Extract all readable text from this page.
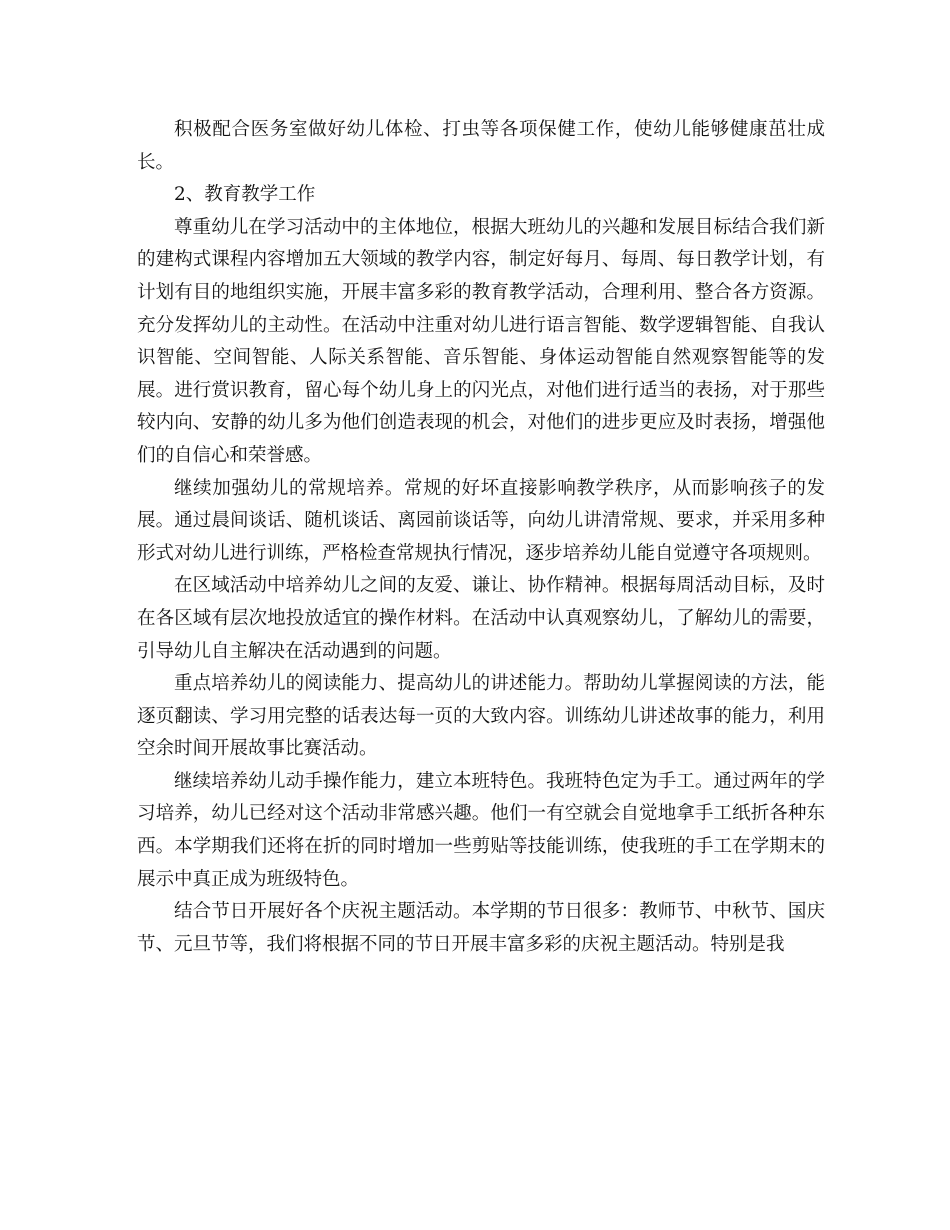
积极配合医务室做好幼儿体检、打虫等各项保健工作，使幼儿能够健康茁壮成长。

2、教育教学工作

尊重幼儿在学习活动中的主体地位，根据大班幼儿的兴趣和发展目标结合我们新的建构式课程内容增加五大领域的教学内容，制定好每月、每周、每日教学计划，有计划有目的地组织实施，开展丰富多彩的教育教学活动，合理利用、整合各方资源。充分发挥幼儿的主动性。在活动中注重对幼儿进行语言智能、数学逻辑智能、自我认识智能、空间智能、人际关系智能、音乐智能、身体运动智能自然观察智能等的发展。进行赏识教育，留心每个幼儿身上的闪光点，对他们进行适当的表扬，对于那些较内向、安静的幼儿多为他们创造表现的机会，对他们的进步更应及时表扬，增强他们的自信心和荣誉感。

继续加强幼儿的常规培养。常规的好坏直接影响教学秩序，从而影响孩子的发展。通过晨间谈话、随机谈话、离园前谈话等，向幼儿讲清常规、要求，并采用多种形式对幼儿进行训练，严格检查常规执行情况，逐步培养幼儿能自觉遵守各项规则。

在区域活动中培养幼儿之间的友爱、谦让、协作精神。根据每周活动目标，及时在各区域有层次地投放适宜的操作材料。在活动中认真观察幼儿，了解幼儿的需要，引导幼儿自主解决在活动遇到的问题。

重点培养幼儿的阅读能力、提高幼儿的讲述能力。帮助幼儿掌握阅读的方法，能逐页翻读、学习用完整的话表达每一页的大致内容。训练幼儿讲述故事的能力，利用空余时间开展故事比赛活动。

继续培养幼儿动手操作能力，建立本班特色。我班特色定为手工。通过两年的学习培养，幼儿已经对这个活动非常感兴趣。他们一有空就会自觉地拿手工纸折各种东西。本学期我们还将在折的同时增加一些剪贴等技能训练，使我班的手工在学期末的展示中真正成为班级特色。

结合节日开展好各个庆祝主题活动。本学期的节日很多：教师节、中秋节、国庆节、元旦节等，我们将根据不同的节日开展丰富多彩的庆祝主题活动。特别是我
